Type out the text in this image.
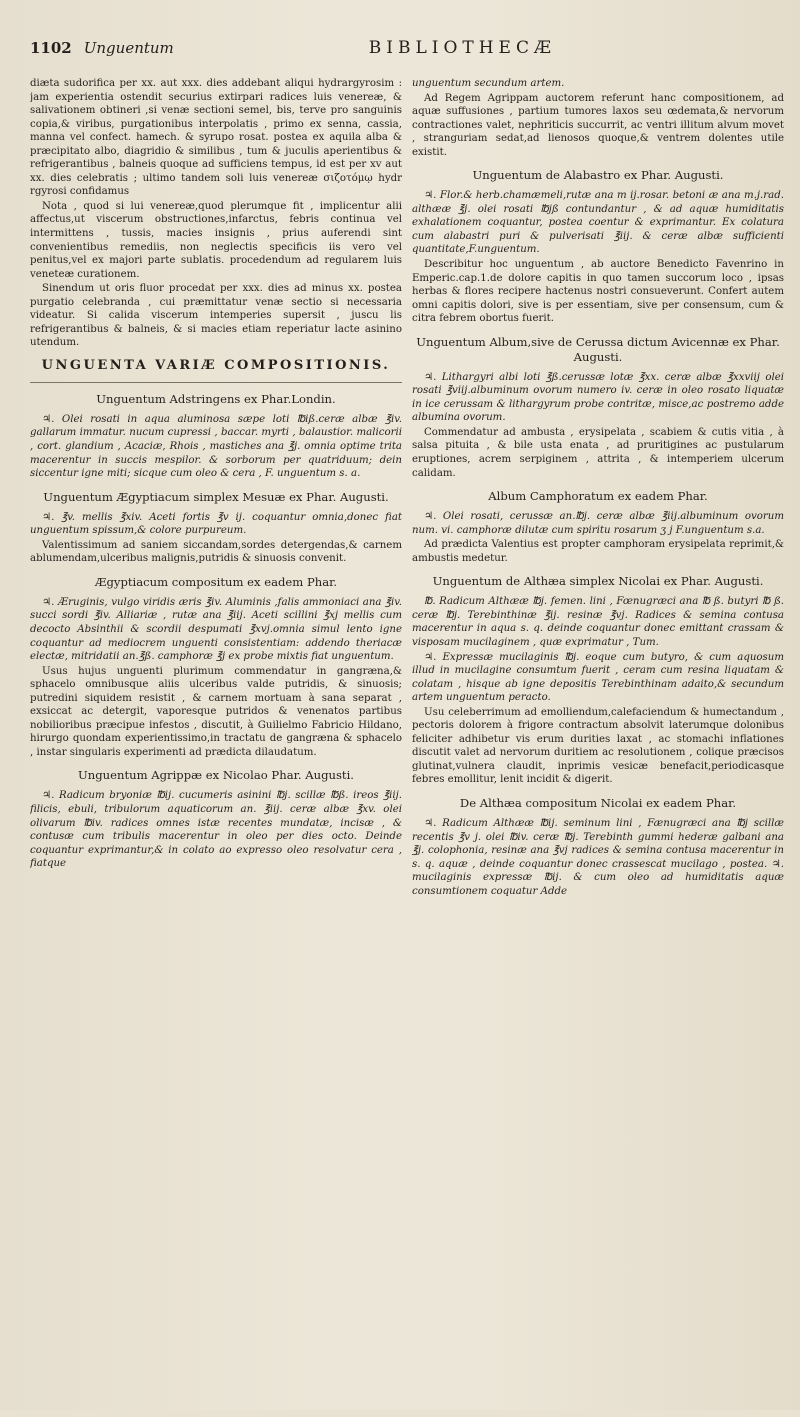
1102 Unguentum	BIBLIOTHECÆ

diæta sudorifica per xx. aut xxx. dies addebant aliqui hydrargyrosim : jam experientia ostendit securius extirpari radices luis venereæ, & salivationem obtineri ,si venæ sectioni semel, bis, terve pro sanguinis copia,& viribus, purgationibus interpolatis , primo ex senna, cassia, manna vel confect. hamech. & syrupo rosat. postea ex aquila alba & præcipitato albo, diagridio & similibus , tum & juculis aperientibus & refrigerantibus , balneis quoque ad sufficiens tempus, id est per xv aut xx. dies celebratis ; ultimo tandem soli luis venereæ σιζοτόμῳ hydr rgyrosi confidamus

Nota , quod si lui venereæ,quod plerumque fit , implicentur alii affectus,ut viscerum obstructiones,infarctus, febris continua vel intermittens , tussis, macies insignis , prius auferendi sint convenientibus remediis, non neglectis specificis iis vero vel penitus,vel ex majori parte sublatis. procedendum ad regularem luis veneteæ curationem.

Sinendum ut oris fluor procedat per xxx. dies ad minus xx. postea purgatio celebranda , cui præmittatur venæ sectio si necessaria videatur. Si calida viscerum intemperies supersit , juscu lis refrigerantibus & balneis, & si macies etiam reperiatur lacte asinino utendum.

UNGUENTA VARIÆ COMPOSITIONIS.
Unguentum Adstringens ex Phar.Londin.

♃. Olei rosati in aqua aluminosa sæpe loti ℔iß.ceræ albæ ℥iv. gallarum immatur. nucum cupressi , baccar. myrti , balaustior. malicorii , cort. glandium , Acaciæ, Rhois , mastiches ana ℥j. omnia optime trita macerentur in succis mespilor. & sorborum per quatriduum; dein siccentur igne miti; sicque cum oleo & cera , F. unguentum s. a.

Unguentum Ægyptiacum simplex Mesuæ ex Phar. Augusti.

♃. ℥v. mellis ℥xiv. Aceti fortis ℥v ij. coquantur omnia,donec fiat unguentum spissum,& colore purpureum.

Valentissimum ad saniem siccandam,sordes detergendas,& carnem ablumendam,ulceribus malignis,putridis & sinuosis convenit.

Ægyptiacum compositum ex eadem Phar.

♃. Æruginis, vulgo viridis æris ℥iv. Aluminis ,falis ammoniaci ana ℥iv. succi sordi ℥iv. Alliariæ , rutæ ana ℥iij. Aceti scillini ℥xj mellis cum decocto Absinthii & scordii despumati ℥xvj.omnia simul lento igne coquantur ad mediocrem unguenti consistentiam: addendo theriacæ electæ, mitridatii an.℥ß. camphoræ ℥j ex probe mixtis fiat unguentum.

Usus hujus unguenti plurimum commendatur in gangræna,& sphacelo omnibusque aliis ulceribus valde putridis, & sinuosis; putredini siquidem resistit , & carnem mortuam à sana separat , exsiccat ac detergit, vaporesque putridos & venenatos partibus nobilioribus præcipue infestos , discutit, à Guilielmo Fabricio Hildano, hirurgo quondam experientissimo,in tractatu de gangræna & sphacelo , instar singularis experimenti ad prædicta dilaudatum.

Unguentum Agrippæ ex Nicolao Phar. Augusti.

♃. Radicum bryoniæ ℔ij. cucumeris asinini ℔j. scillæ ℔ß. ireos ℥iij. filicis, ebuli, tribulorum aquaticorum an. ℥iij. ceræ albæ ℥xv. olei olivarum ℔iv. radices omnes istæ recentes mundatæ, incisæ , & contusæ cum tribulis macerentur in oleo per dies octo. Deinde coquantur exprimantur,& in colato ao expresso oleo resolvatur cera , fiatque

unguentum secundum artem.

Ad Regem Agrippam auctorem referunt hanc compositionem, ad aquæ suffusiones , partium tumores laxos seu œdemata,& nervorum contractiones valet, nephriticis succurrit, ac ventri illitum alvum movet , stranguriam sedat,ad lienosos quoque,& ventrem dolentes utile existit.

Unguentum de Alabastro ex Phar. Augusti.

♃. Flor.& herb.chamæmeli,rutæ ana m ij.rosar. betoni æ ana m.j.rad. althææ ℥j. olei rosati ℔jß contundantur , & ad aquæ humiditatis exhalationem coquantur, postea coentur & exprimantur. Ex colatura cum alabastri puri & pulverisati ℥iij. & ceræ albæ sufficienti quantitate,F.unguentum.

Describitur hoc unguentum , ab auctore Benedicto Favenrino in Emperic.cap.1.de dolore capitis in quo tamen succorum loco , ipsas herbas & flores recipere hactenus nostri consueverunt. Confert autem omni capitis dolori, sive is per essentiam, sive per consensum, cum & citra febrem obortus fuerit.

Unguentum Album,sive de Cerussa dictum Avicennæ ex Phar. Augusti.

♃. Lithargyri albi loti ℥ß.cerussæ lotæ ℥xx. ceræ albæ ℥xxviij olei rosati ℥viij.albuminum ovorum numero iv. ceræ in oleo rosato liquatæ in ice cerussam & lithargyrum probe contritæ, misce,ac postremo adde albumina ovorum.

Commendatur ad ambusta , erysipelata , scabiem & cutis vitia , à salsa pituita , & bile usta enata , ad pruritigines ac pustularum eruptiones, acrem serpiginem , attrita , & intemperiem ulcerum calidam.

Album Camphoratum ex eadem Phar.

♃. Olei rosati, cerussæ an.℔j. ceræ albæ ℥iij.albuminum ovorum num. vi. camphoræ dilutæ cum spiritu rosarum ʒ j F.unguentum s.a.

Ad prædicta Valentius est propter camphoram erysipelata reprimit,& ambustis medetur.

Unguentum de Althæa simplex Nicolai ex Phar. Augusti.

℔. Radicum Althææ ℔j. femen. lini , Fœnugræci ana ℔ ß. butyri ℔ ß. ceræ ℔j. Terebinthinæ ℥ij. resinæ ℥vj. Radices & semina contusa macerentur in aqua s. q. deinde coquantur donec emittant crassam & visposam mucilaginem , quæ exprimatur , Tum.

♃. Expressæ mucilaginis ℔j. eoque cum butyro, & cum aquosum illud in mucilagine consumtum fuerit , ceram cum resina liquatam & colatam , hisque ab igne depositis Terebinthinam adaito,& secundum artem unguentum peracto.

Usu celeberrimum ad emolliendum,calefaciendum & humectandum , pectoris dolorem à frigore contractum absolvit laterumque dolonibus feliciter adhibetur vis erum durities laxat , ac stomachi inflationes discutit valet ad nervorum duritiem ac resolutionem , colique præcisos glutinat,vulnera claudit, inprimis vesicæ benefacit,periodicasque febres emollitur, lenit incidit & digerit.

De Althæa compositum Nicolai ex eadem Phar.

♃. Radicum Althææ ℔ij. seminum lini , Fænugræci ana ℔j scillæ recentis ℥v j. olei ℔iv. ceræ ℔j. Terebinth gummi hederæ galbani ana ℥j. colophonia, resinæ ana ℥vj radices & semina contusa macerentur in s. q. aquæ , deinde coquantur donec crassescat mucilago , postea. ♃. mucilaginis expressæ ℔ij. & cum oleo ad humiditatis aquæ consumtionem coquatur Adde
